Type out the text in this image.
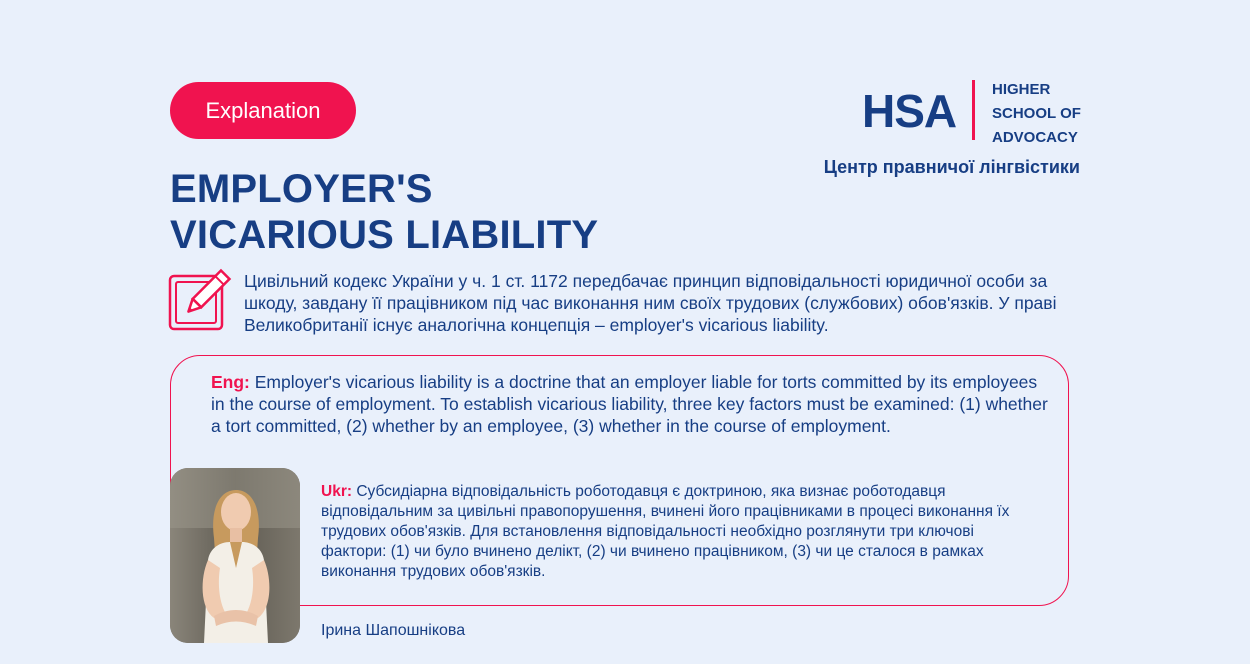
Explanation
EMPLOYER'S
VICARIOUS LIABILITY
HSA HIGHER
SCHOOL OF
ADVOCACY
Центр правничої лінгвістики

Цивільний кодекс України у ч. 1 ст. 1172 передбачає принцип відповідальності юридичної особи за шкоду, завдану її працівником під час виконання ним своїх трудових (службових) обов'язків. У праві Великобританії існує аналогічна концепція – employer's vicarious liability.

Eng: Employer's vicarious liability is a doctrine that an employer liable for torts committed by its employees in the course of employment. To establish vicarious liability, three key factors must be examined: (1) whether a tort committed, (2) whether by an employee, (3) whether in the course of employment.

Ukr: Субсидіарна відповідальність роботодавця є доктриною, яка визнає роботодавця відповідальним за цивільні правопорушення, вчинені його працівниками в процесі виконання їх трудових обов'язків. Для встановлення відповідальності необхідно розглянути три ключові фактори: (1) чи було вчинено делікт, (2) чи вчинено працівником, (3) чи це сталося в рамках виконання трудових обов'язків.

Ірина Шапошнікова
